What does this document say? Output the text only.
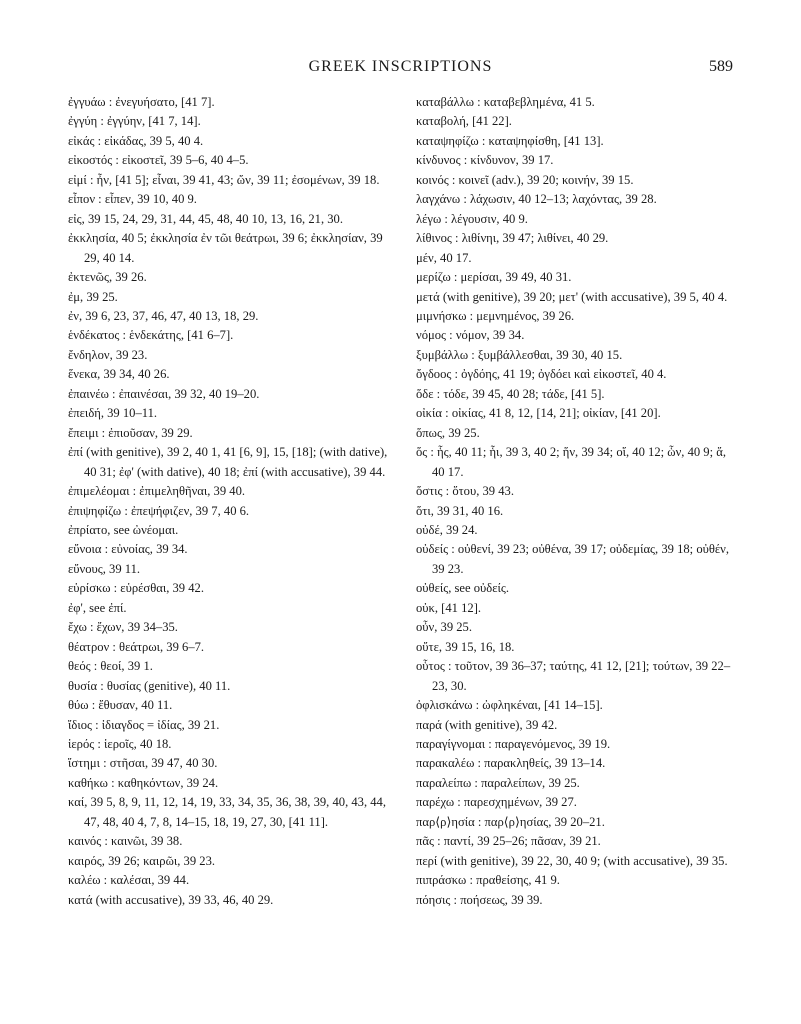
GREEK INSCRIPTIONS	589
ἐγγυάω : ἐνεγυήσατο, [41 7].
ἐγγύη : ἐγγύην, [41 7, 14].
εἰκάς : εἰκάδας, 39 5, 40 4.
εἰκοστός : εἰκοστεῖ, 39 5–6, 40 4–5.
εἰμί : ἦν, [41 5]; εἶναι, 39 41, 43; ὤν, 39 11; ἐσομένων, 39 18.
εἶπον : εἶπεν, 39 10, 40 9.
εἰς, 39 15, 24, 29, 31, 44, 45, 48, 40 10, 13, 16, 21, 30.
ἐκκλησία, 40 5; ἐκκλησία ἐν τῶι θεάτρωι, 39 6; ἐκκλησίαν, 39 29, 40 14.
ἐκτενῶς, 39 26.
ἐμ, 39 25.
ἐν, 39 6, 23, 37, 46, 47, 40 13, 18, 29.
ἑνδέκατος : ἑνδεκάτης, [41 6–7].
ἔνδηλον, 39 23.
ἕνεκα, 39 34, 40 26.
ἐπαινέω : ἐπαινέσαι, 39 32, 40 19–20.
ἐπειδή, 39 10–11.
ἔπειμι : ἐπιοῦσαν, 39 29.
ἐπί (with genitive), 39 2, 40 1, 41 [6, 9], 15, [18]; (with dative), 40 31; ἐφ' (with dative), 40 18; ἐπί (with accusative), 39 44.
ἐπιμελέομαι : ἐπιμεληθῆναι, 39 40.
ἐπιψηφίζω : ἐπεψήφιζεν, 39 7, 40 6.
ἐπρίατο, see ὠνέομαι.
εὔνοια : εὐνοίας, 39 34.
εὔνους, 39 11.
εὑρίσκω : εὑρέσθαι, 39 42.
ἐφ', see ἐπί.
ἔχω : ἔχων, 39 34–35.
θέατρον : θεάτρωι, 39 6–7.
θεός : θεοί, 39 1.
θυσία : θυσίας (genitive), 40 11.
θύω : ἔθυσαν, 40 11.
ἴδιος : ἰδιαγδος = ἰδίας, 39 21.
ἱερός : ἱεροῖς, 40 18.
ἵστημι : στῆσαι, 39 47, 40 30.
καθήκω : καθηκόντων, 39 24.
καί, 39 5, 8, 9, 11, 12, 14, 19, 33, 34, 35, 36, 38, 39, 40, 43, 44, 47, 48, 40 4, 7, 8, 14–15, 18, 19, 27, 30, [41 11].
καινός : καινῶι, 39 38.
καιρός, 39 26; καιρῶι, 39 23.
καλέω : καλέσαι, 39 44.
κατά (with accusative), 39 33, 46, 40 29.
καταβάλλω : καταβεβλημένα, 41 5.
καταβολή, [41 22].
καταψηφίζω : καταψηφίσθη, [41 13].
κίνδυνος : κίνδυνον, 39 17.
κοινός : κοινεῖ (adv.), 39 20; κοινήν, 39 15.
λαγχάνω : λάχωσιν, 40 12–13; λαχόντας, 39 28.
λέγω : λέγουσιν, 40 9.
λίθινος : λιθίνηι, 39 47; λιθίνει, 40 29.
μέν, 40 17.
μερίζω : μερίσαι, 39 49, 40 31.
μετά (with genitive), 39 20; μετ' (with accusative), 39 5, 40 4.
μιμνήσκω : μεμνημένος, 39 26.
νόμος : νόμον, 39 34.
ξυμβάλλω : ξυμβάλλεσθαι, 39 30, 40 15.
ὄγδοος : ὀγδόης, 41 19; ὀγδόει καὶ εἰκοστεῖ, 40 4.
ὅδε : τόδε, 39 45, 40 28; τάδε, [41 5].
οἰκία : οἰκίας, 41 8, 12, [14, 21]; οἰκίαν, [41 20].
ὅπως, 39 25.
ὅς : ἧς, 40 11; ἧι, 39 3, 40 2; ἥν, 39 34; οἵ, 40 12; ὧν, 40 9; ἅ, 40 17.
ὅστις : ὅτου, 39 43.
ὅτι, 39 31, 40 16.
οὐδέ, 39 24.
οὐδείς : οὐθενί, 39 23; οὐθένα, 39 17; οὐδεμίας, 39 18; οὐθέν, 39 23.
οὐθείς, see οὐδείς.
οὐκ, [41 12].
οὖν, 39 25.
οὔτε, 39 15, 16, 18.
οὗτος : τοῦτον, 39 36–37; ταύτης, 41 12, [21]; τούτων, 39 22–23, 30.
ὀφλισκάνω : ὠφληκέναι, [41 14–15].
παρά (with genitive), 39 42.
παραγίγνομαι : παραγενόμενος, 39 19.
παρακαλέω : παρακληθείς, 39 13–14.
παραλείπω : παραλείπων, 39 25.
παρέχω : παρεσχημένων, 39 27.
παρ⟨ρ⟩ησία : παρ⟨ρ⟩ησίας, 39 20–21.
πᾶς : παντί, 39 25–26; πᾶσαν, 39 21.
περί (with genitive), 39 22, 30, 40 9; (with accusative), 39 35.
πιπράσκω : πραθείσης, 41 9.
πόησις : ποήσεως, 39 39.
